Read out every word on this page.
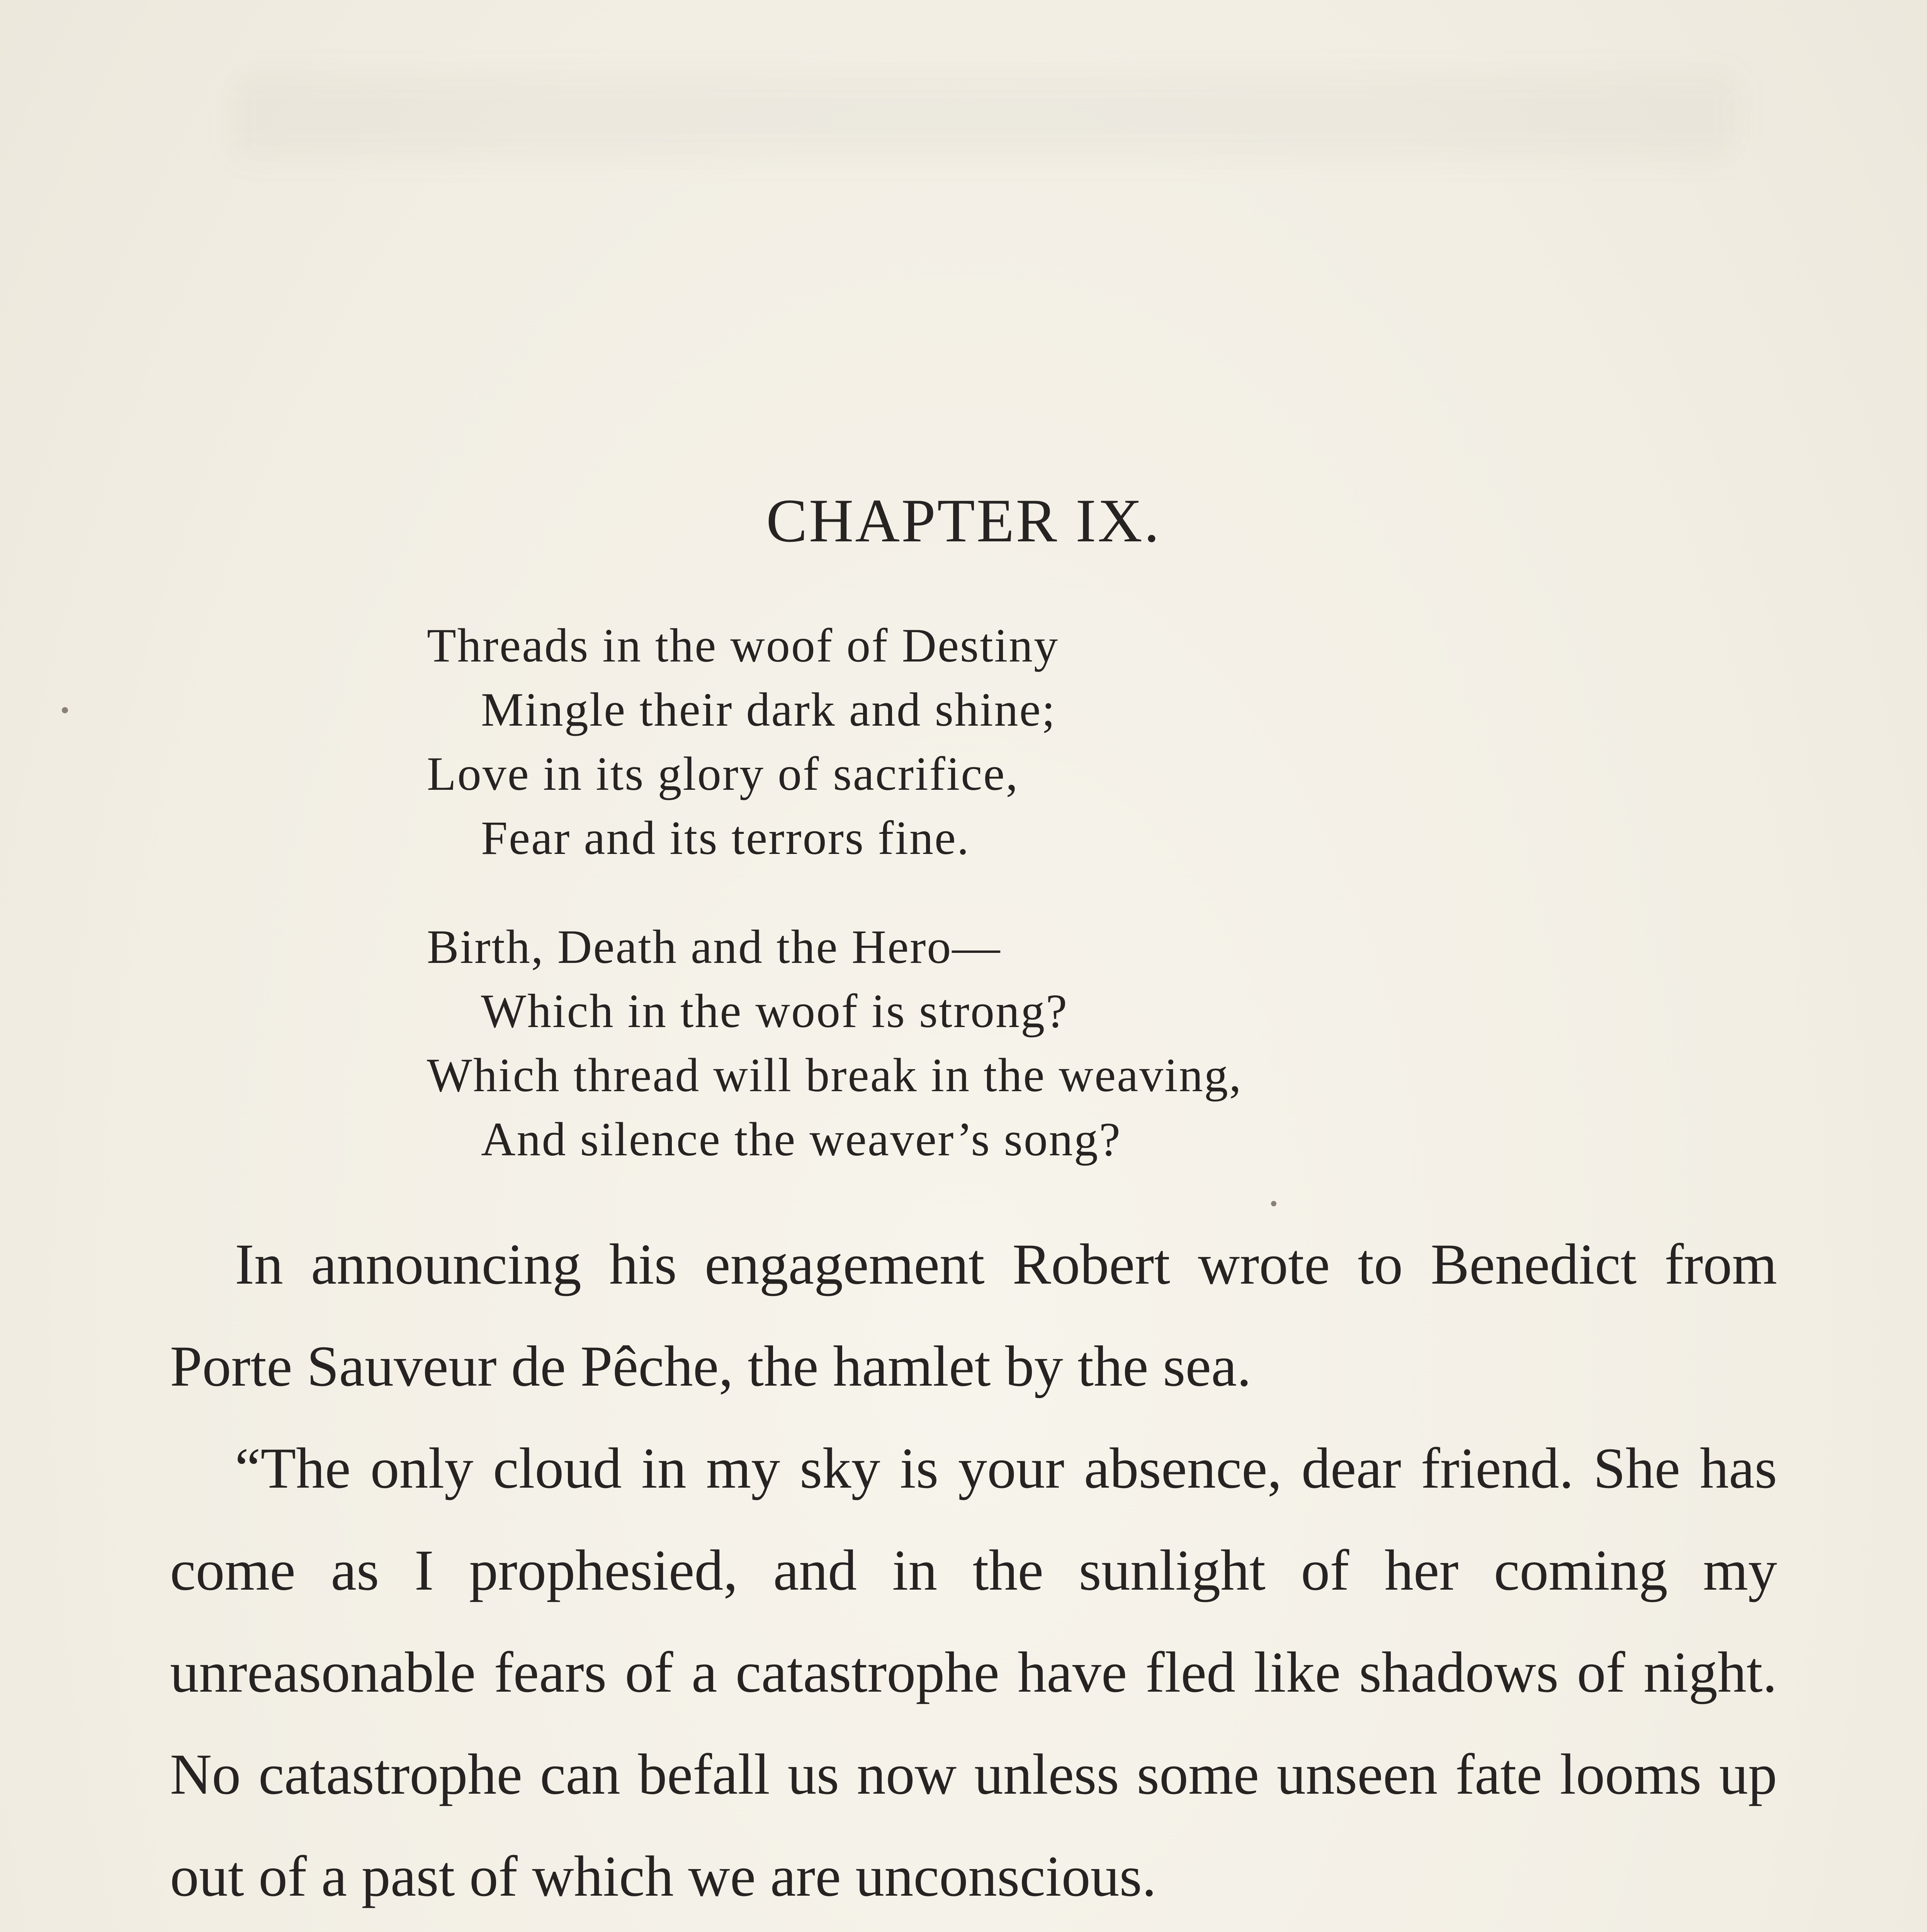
CHAPTER IX.
Threads in the woof of Destiny
Mingle their dark and shine;
Love in its glory of sacrifice,
Fear and its terrors fine.
Birth, Death and the Hero—
Which in the woof is strong?
Which thread will break in the weaving,
And silence the weaver’s song?

In announcing his engagement Robert wrote to Benedict from Porte Sauveur de Pêche, the hamlet by the sea.

“The only cloud in my sky is your absence, dear friend. She has come as I prophesied, and in the sunlight of her coming my unreasonable fears of a catastrophe have fled like shadows of night. No catastrophe can befall us now unless some unseen fate looms up out of a past of which we are unconscious.
